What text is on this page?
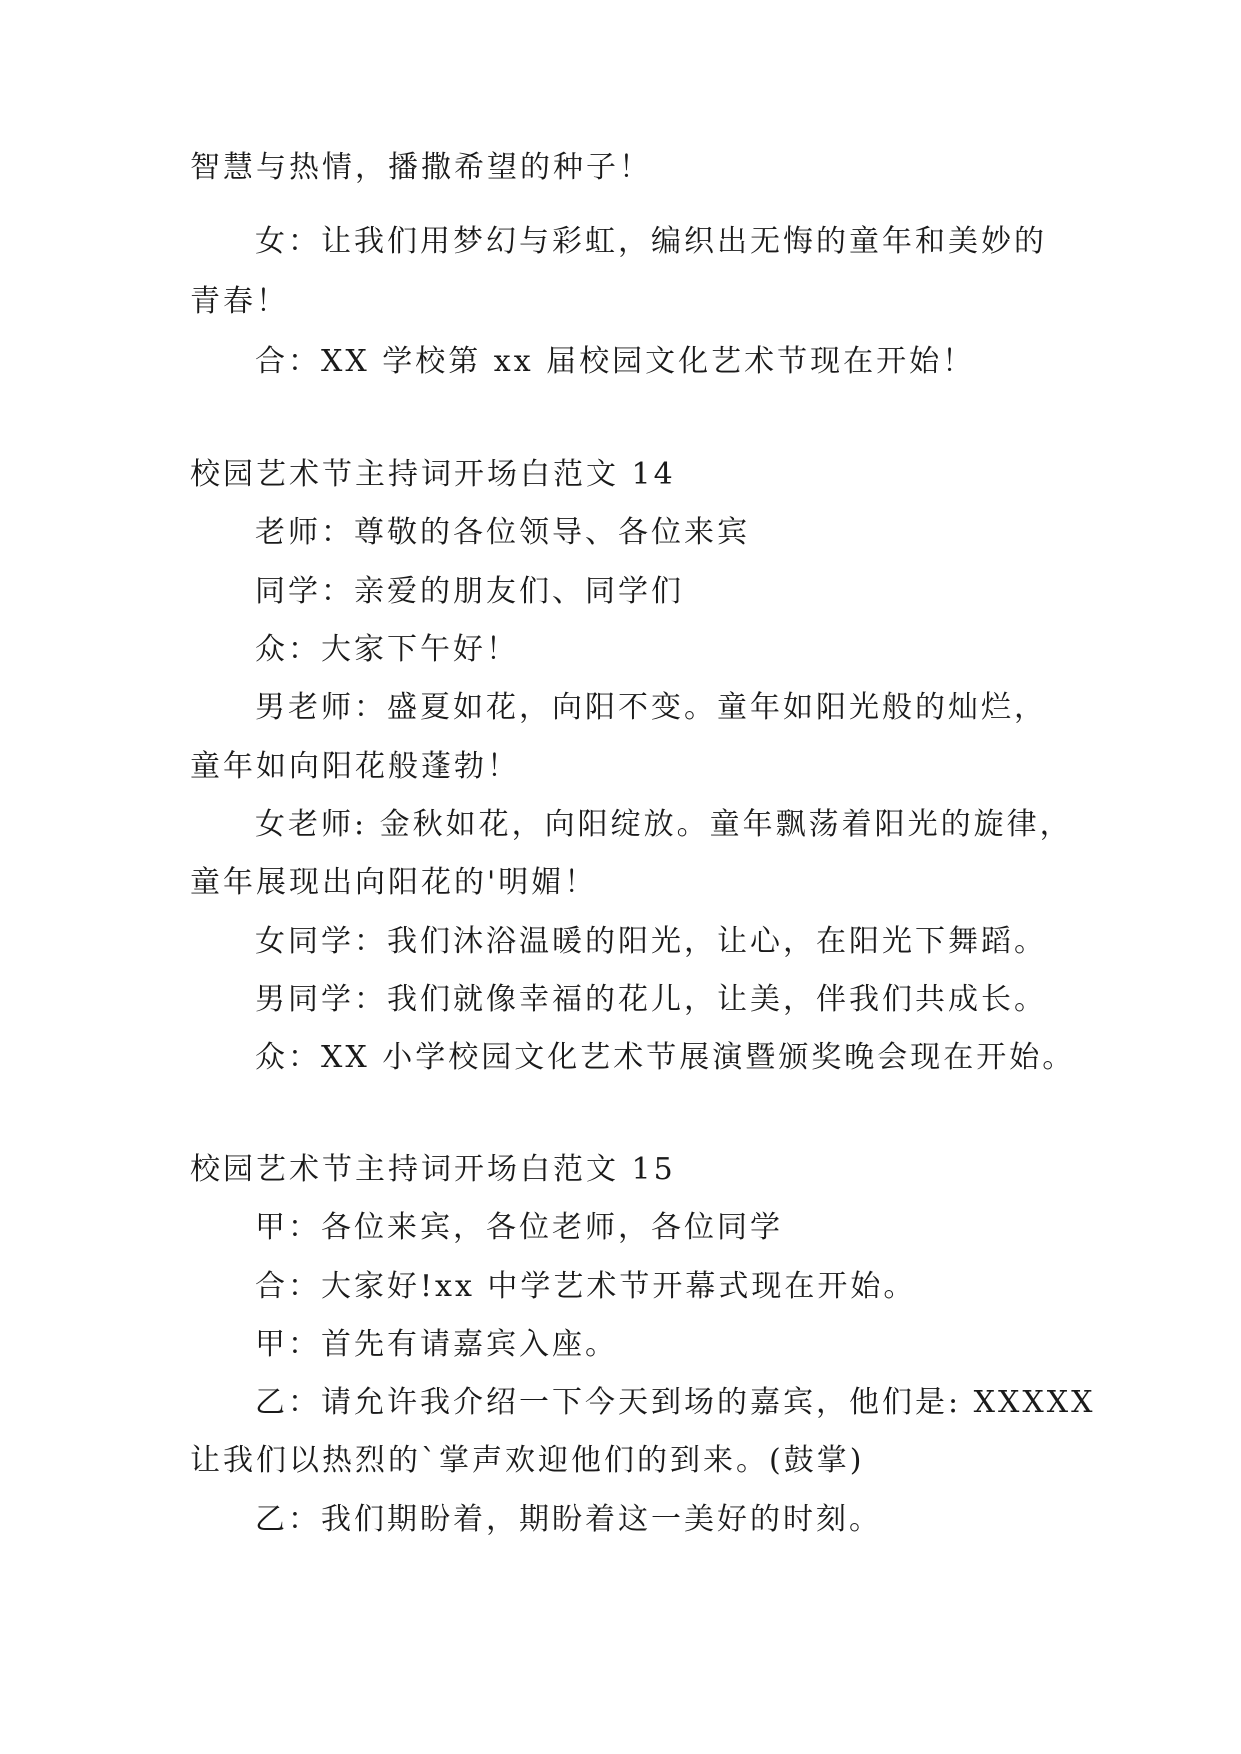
智慧与热情，播撒希望的种子！
女：让我们用梦幻与彩虹，编织出无悔的童年和美妙的
青春！
合：XX 学校第 xx 届校园文化艺术节现在开始！
校园艺术节主持词开场白范文 14
老师：尊敬的各位领导、各位来宾
同学：亲爱的朋友们、同学们
众：大家下午好！
男老师：盛夏如花，向阳不变。童年如阳光般的灿烂，
童年如向阳花般蓬勃！
女老师: 金秋如花，向阳绽放。童年飘荡着阳光的旋律，
童年展现出向阳花的'明媚！
女同学：我们沐浴温暖的阳光，让心，在阳光下舞蹈。
男同学：我们就像幸福的花儿，让美，伴我们共成长。
众：XX 小学校园文化艺术节展演暨颁奖晚会现在开始。
校园艺术节主持词开场白范文 15
甲：各位来宾，各位老师，各位同学
合：大家好!xx 中学艺术节开幕式现在开始。
甲：首先有请嘉宾入座。
乙：请允许我介绍一下今天到场的嘉宾，他们是: XXXXX
让我们以热烈的`掌声欢迎他们的到来。(鼓掌)
乙：我们期盼着，期盼着这一美好的时刻。
